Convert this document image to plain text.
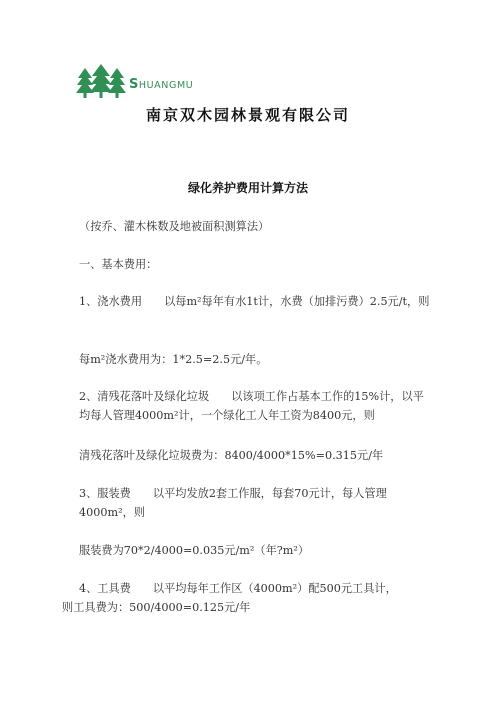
SHUANGMU
南京双木园林景观有限公司
绿化养护费用计算方法
（按乔、灌木株数及地被面积测算法）
一、基本费用：
1、浇水费用 以每m²每年有水1t计，水费（加排污费）2.5元/t，则
每m²浇水费用为：1*2.5=2.5元/年。
2、清残花落叶及绿化垃圾 以该项工作占基本工作的15%计，以平均每人管理4000m²计，一个绿化工人年工资为8400元，则
清残花落叶及绿化垃圾费为：8400/4000*15%=0.315元/年
3、服装费 以平均发放2套工作服，每套70元计，每人管理4000m²，则
服装费为70*2/4000=0.035元/m²（年?m²）
4、工具费 以平均每年工作区（4000m²）配500元工具计，
则工具费为：500/4000=0.125元/年
